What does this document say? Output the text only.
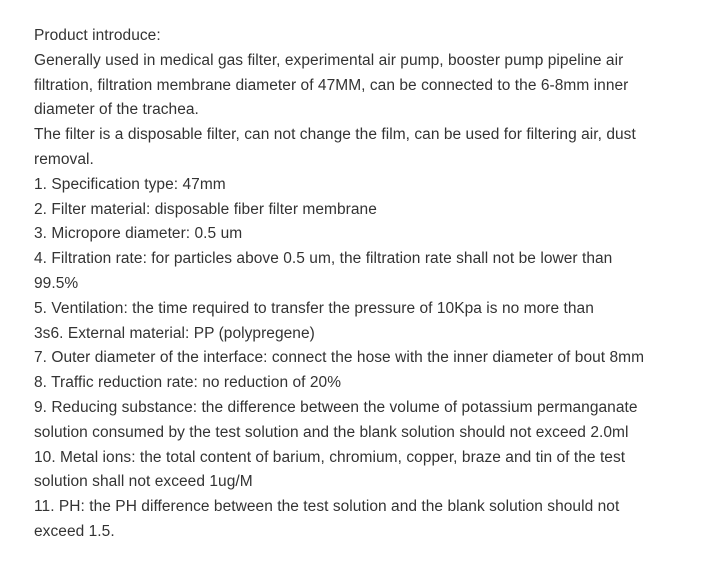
Product introduce:
Generally used in medical gas filter, experimental air pump, booster pump pipeline air
filtration, filtration membrane diameter of 47MM, can be connected to the 6-8mm inner
diameter of the trachea.
The filter is a disposable filter, can not change the film, can be used for filtering air, dust
removal.
1. Specification type: 47mm
2. Filter material: disposable fiber filter membrane
3. Micropore diameter: 0.5 um
4. Filtration rate: for particles above 0.5 um, the filtration rate shall not be lower than
99.5%
5. Ventilation: the time required to transfer the pressure of 10Kpa is no more than
3s6. External material: PP (polypregene)
7. Outer diameter of the interface: connect the hose with the inner diameter of bout 8mm
8. Traffic reduction rate: no reduction of 20%
9. Reducing substance: the difference between the volume of potassium permanganate
solution consumed by the test solution and the blank solution should not exceed 2.0ml
10. Metal ions: the total content of barium, chromium, copper, braze and tin of the test
solution shall not exceed 1ug/M
11. PH: the PH difference between the test solution and the blank solution should not
exceed 1.5.
